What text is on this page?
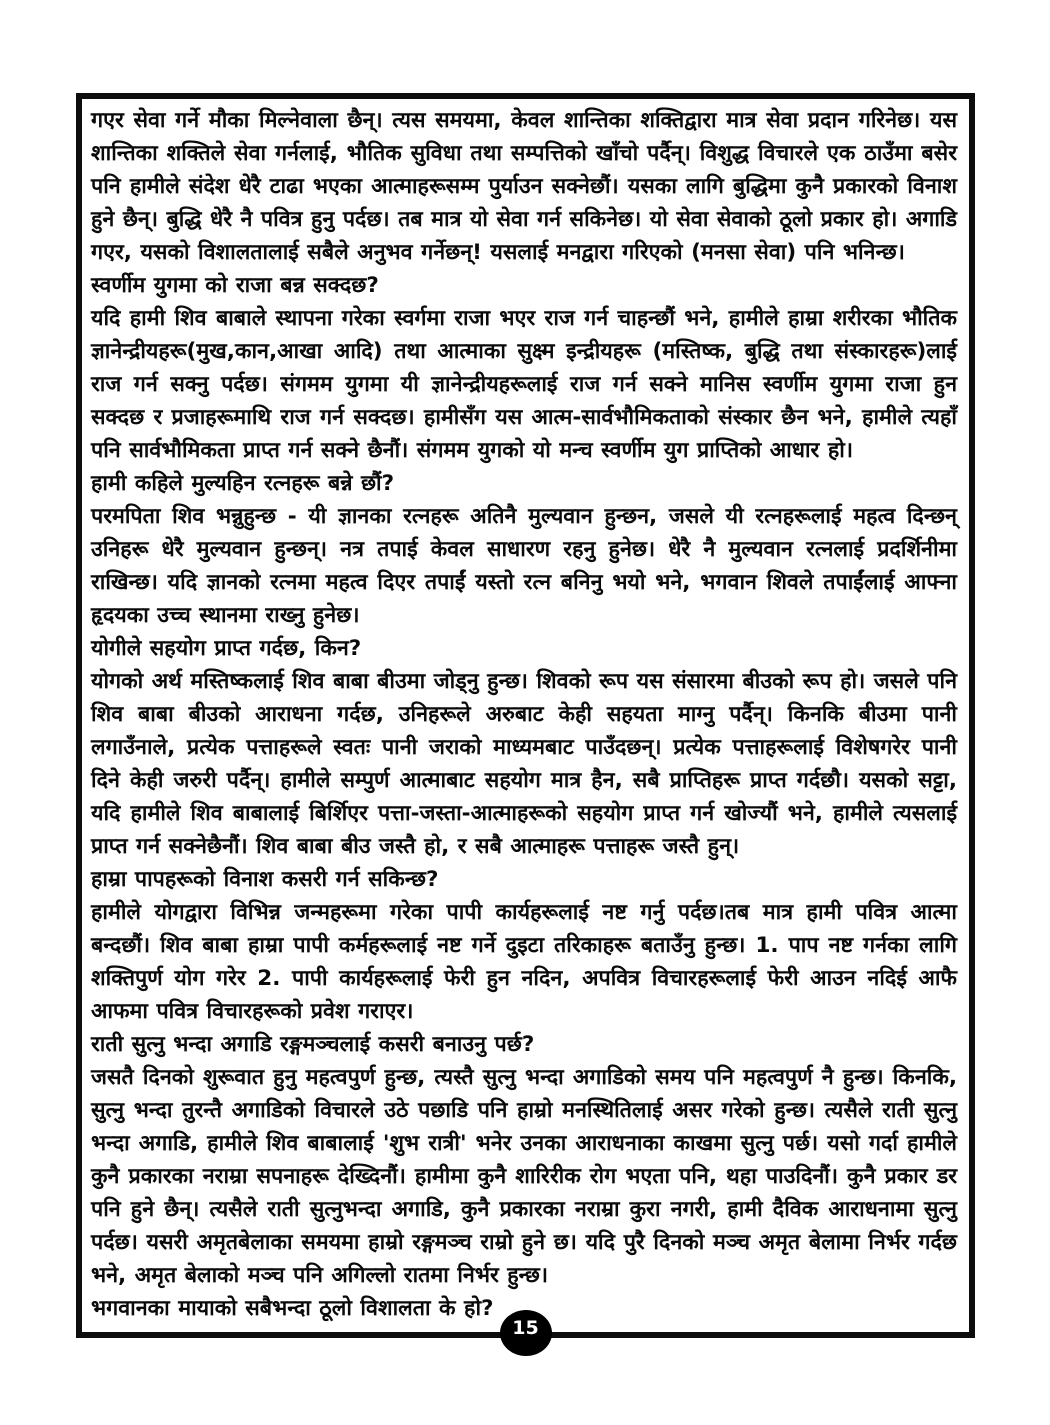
गएर सेवा गर्ने मौका मिल्नेवाला छैन्। त्यस समयमा, केवल शान्तिका शक्तिद्वारा मात्र सेवा प्रदान गरिनेछ। यस शान्तिका शक्तिले सेवा गर्नलाई, भौतिक सुविधा तथा सम्पत्तिको खाँचो पर्दैन्। विशुद्ध विचारले एक ठाउँमा बसेर पनि हामीले संदेश धेरै टाढा भएका आत्माहरूसम्म पुर्याउन सक्नेछौं। यसका लागि बुद्धिमा कुनै प्रकारको विनाश हुने छैन्। बुद्धि धेरै नै पवित्र हुनु पर्दछ। तब मात्र यो सेवा गर्न सकिनेछ। यो सेवा सेवाको ठूलो प्रकार हो। अगाडि गएर, यसको विशालतालाई सबैले अनुभव गर्नेछन्! यसलाई मनद्वारा गरिएको (मनसा सेवा) पनि भनिन्छ।

स्वर्णीम युगमा को राजा बन्न सक्दछ?

यदि हामी शिव बाबाले स्थापना गरेका स्वर्गमा राजा भएर राज गर्न चाहन्छौं भने, हामीले हाम्रा शरीरका भौतिक ज्ञानेन्द्रीयहरू(मुख,कान,आखा आदि) तथा आत्माका सुक्ष्म इन्द्रीयहरू (मस्तिष्क, बुद्धि तथा संस्कारहरू)लाई राज गर्न सक्नु पर्दछ। संगमम युगमा यी ज्ञानेन्द्रीयहरूलाई राज गर्न सक्ने मानिस स्वर्णीम युगमा राजा हुन सक्दछ र प्रजाहरूमाथि राज गर्न सक्दछ। हामीसँग यस आत्म-सार्वभौमिकताको संस्कार छैन भने, हामीले त्यहाँ पनि सार्वभौमिकता प्राप्त गर्न सक्ने छैनौं। संगमम युगको यो मन्च स्वर्णीम युग प्राप्तिको आधार हो।

हामी कहिले मुल्यहिन रत्नहरू बन्ने छौं?

परमपिता शिव भन्नुहुन्छ - यी ज्ञानका रत्नहरू अतिनै मुल्यवान हुन्छन, जसले यी रत्नहरूलाई महत्व दिन्छन् उनिहरू धेरै मुल्यवान हुन्छन्। नत्र तपाई केवल साधारण रहनु हुनेछ। धेरै नै मुल्यवान रत्नलाई प्रदर्शिनीमा राखिन्छ। यदि ज्ञानको रत्नमा महत्व दिएर तपाईं यस्तो रत्न बनिनु भयो भने, भगवान शिवले तपाईंलाई आफ्ना हृदयका उच्च स्थानमा राख्नु हुनेछ।

योगीले सहयोग प्राप्त गर्दछ, किन?

योगको अर्थ मस्तिष्कलाई शिव बाबा बीउमा जोड्नु हुन्छ। शिवको रूप यस संसारमा बीउको रूप हो। जसले पनि शिव बाबा बीउको आराधना गर्दछ, उनिहरूले अरुबाट केही सहयता माग्नु पर्दैन्। किनकि बीउमा पानी लगाउँनाले, प्रत्येक पत्ताहरूले स्वतः पानी जराको माध्यमबाट पाउँदछन्। प्रत्येक पत्ताहरूलाई विशेषगरेर पानी दिने केही जरुरी पर्दैन्। हामीले सम्पुर्ण आत्माबाट सहयोग मात्र हैन, सबै प्राप्तिहरू प्राप्त गर्दछौ। यसको सट्टा, यदि हामीले शिव बाबालाई बिर्शिएर पत्ता-जस्ता-आत्माहरूको सहयोग प्राप्त गर्न खोज्यौं भने, हामीले त्यसलाई प्राप्त गर्न सक्नेछैनौं। शिव बाबा बीउ जस्तै हो, र सबै आत्माहरू पत्ताहरू जस्तै हुन्।

हाम्रा पापहरूको विनाश कसरी गर्न सकिन्छ?

हामीले योगद्वारा विभिन्न जन्महरूमा गरेका पापी कार्यहरूलाई नष्ट गर्नु पर्दछ।तब मात्र हामी पवित्र आत्मा बन्दछौं। शिव बाबा हाम्रा पापी कर्महरूलाई नष्ट गर्ने दुइटा तरिकाहरू बताउँनु हुन्छ। 1. पाप नष्ट गर्नका लागि शक्तिपुर्ण योग गरेर 2. पापी कार्यहरूलाई फेरी हुन नदिन, अपवित्र विचारहरूलाई फेरी आउन नदिई आफै आफमा पवित्र विचारहरूको प्रवेश गराएर।

राती सुत्नु भन्दा अगाडि रङ्गमञ्चलाई कसरी बनाउनु पर्छ?

जसतै दिनको शुरूवात हुनु महत्वपुर्ण हुन्छ, त्यस्तै सुत्नु भन्दा अगाडिको समय पनि महत्वपुर्ण नै हुन्छ। किनकि, सुत्नु भन्दा तुरन्तै अगाडिको विचारले उठे पछाडि पनि हाम्रो मनस्थितिलाई असर गरेको हुन्छ। त्यसैले राती सुत्नु भन्दा अगाडि, हामीले शिव बाबालाई 'शुभ रात्री' भनेर उनका आराधनाका काखमा सुत्नु पर्छ। यसो गर्दा हामीले कुनै प्रकारका नराम्रा सपनाहरू देख्दिनौं। हामीमा कुनै शारिरीक रोग भएता पनि, थहा पाउदिनौं। कुनै प्रकार डर पनि हुने छैन्। त्यसैले राती सुत्नुभन्दा अगाडि, कुनै प्रकारका नराम्रा कुरा नगरी, हामी दैविक आराधनामा सुत्नु पर्दछ। यसरी अमृतबेलाका समयमा हाम्रो रङ्गमञ्च राम्रो हुने छ। यदि पुरै दिनको मञ्च अमृत बेलामा निर्भर गर्दछ भने, अमृत बेलाको मञ्च पनि अगिल्लो रातमा निर्भर हुन्छ।

भगवानका मायाको सबैभन्दा ठूलो विशालता के हो?

15
